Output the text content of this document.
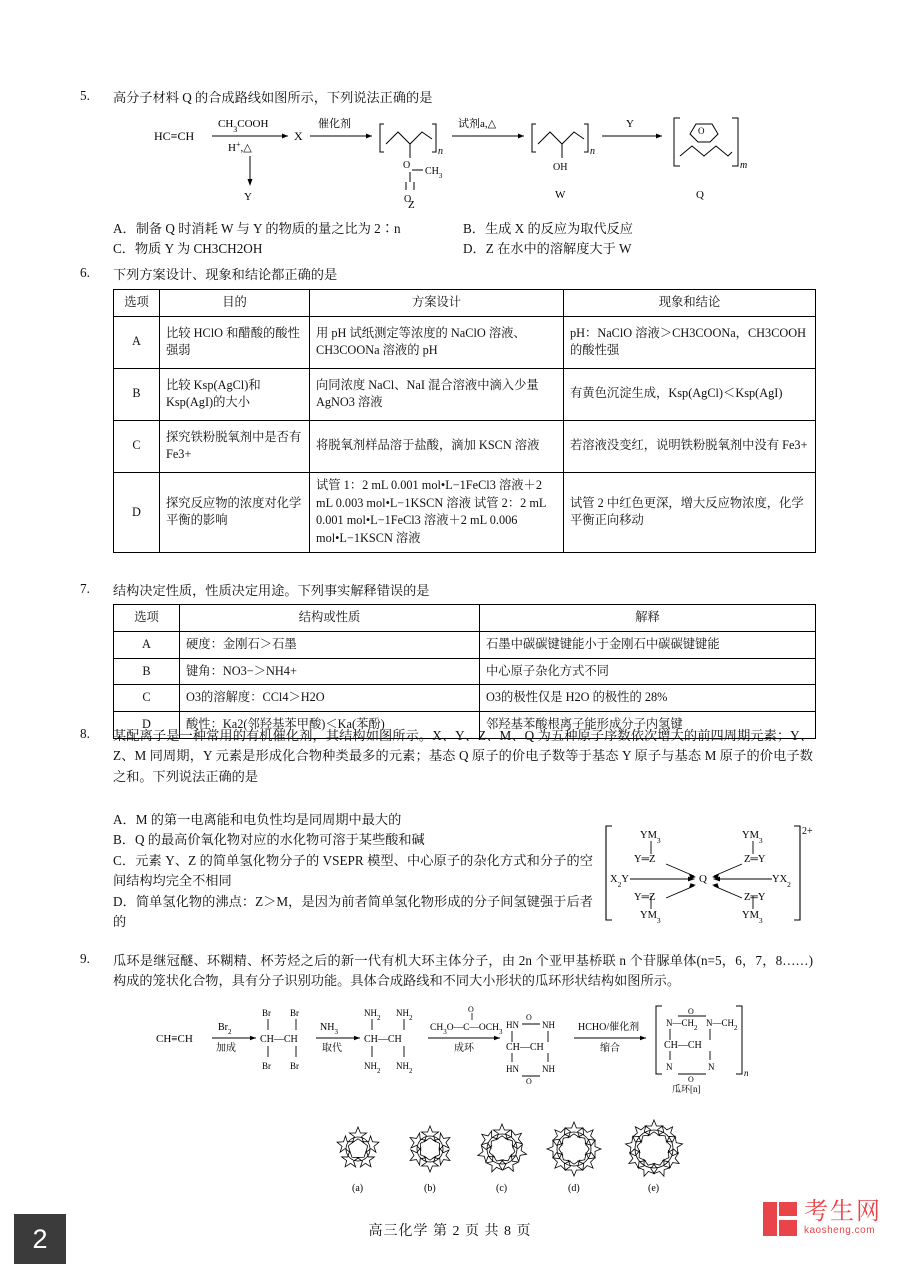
5. 高分子材料 Q 的合成路线如图所示，下列说法正确的是
HC≡CH
$CH_3COOH$
H+,△
Y
X
催化剂
n
O
$CH_3$
O
Z
试剂a,△
n
OH
W
Y
O
m
Q
A．制备 Q 时消耗 W 与 Y 的物质的量之比为 2∶n	B．生成 X 的反应为取代反应
C．物质 Y 为 CH3CH2OH	D．Z 在水中的溶解度大于 W
6. 下列方案设计、现象和结论都正确的是
选项	目的	方案设计	现象和结论
A	比较 HClO 和醋酸的酸性强弱	用 pH 试纸测定等浓度的 NaClO 溶液、CH3COONa 溶液的 pH	pH：NaClO 溶液＞CH3COONa，CH3COOH 的酸性强
B	比较 Ksp(AgCl)和 Ksp(AgI)的大小	向同浓度 NaCl、NaI 混合溶液中滴入少量 AgNO3 溶液	有黄色沉淀生成，Ksp(AgCl)＜Ksp(AgI)
C	探究铁粉脱氧剂中是否有 Fe3+	将脱氧剂样品溶于盐酸，滴加 KSCN 溶液	若溶液没变红，说明铁粉脱氧剂中没有 Fe3+
D	探究反应物的浓度对化学平衡的影响	试管 1：2 mL 0.001 mol•L−1FeCl3 溶液＋2 mL 0.003 mol•L−1KSCN 溶液 试管 2：2 mL 0.001 mol•L−1FeCl3 溶液＋2 mL 0.006 mol•L−1KSCN 溶液	试管 2 中红色更深，增大反应物浓度，化学平衡正向移动
7. 结构决定性质，性质决定用途。下列事实解释错误的是
选项	结构或性质	解释
A	硬度：金刚石＞石墨	石墨中碳碳键键能小于金刚石中碳碳键键能
B	键角：NO3−＞NH4+	中心原子杂化方式不同
C	O3的溶解度：CCl4＞H2O	O3的极性仅是 H2O 的极性的 28%
D	酸性：Ka2(邻羟基苯甲酸)＜Ka(苯酚)	邻羟基苯酸根离子能形成分子内氢键
8. 某配离子是一种常用的有机催化剂，其结构如图所示。X、Y、Z、M、Q 为五种原子序数依次增大的前四周期元素；Y、Z、M 同周期，Y 元素是形成化合物种类最多的元素；基态 Q 原子的价电子数等于基态 Y 原子与基态 M 原子的价电子数之和。下列说法正确的是
A．M 的第一电离能和电负性均是同周期中最大的
B．Q 的最高价氧化物对应的水化物可溶于某些酸和碱
C．元素 Y、Z 的简单氢化物分子的 VSEPR 模型、中心原子的杂化方式和分子的空间结构均完全不相同
D．简单氢化物的沸点：Z＞M，是因为前者简单氢化物形成的分子间氢键强于后者的
2+
$YM_3$	$YM_3$
$YM_3$	$YM_3$
Y═Z	Z═Y
Y═Z	Z═Y
Q
$X_2Y$	$YX_2$
9. 瓜环是继冠醚、环糊精、杯芳烃之后的新一代有机大环主体分子，由 2n 个亚甲基桥联 n 个苷脲单体(n=5，6，7，8……)构成的笼状化合物，具有分子识别功能。具体合成路线和不同大小形状的瓜环形状结构如图所示。
CH≡CH
$Br_2$
加成
Br Br
CH—CH
Br Br
$NH_3$
取代
$NH_2$ $NH_2$
CH—CH
$NH_2$ $NH_2$
$CH_3O—C—OCH_3$
O
成环
HN	NH
O
CH—CH
HN	NH
O
HCHO/催化剂
缩合
n
$N—CH_2$ $N—CH_2$
O
CH—CH
N	N
O
瓜环[n]
(a)	(b)	(c)	(d)	(e)
高三化学 第 2 页 共 8 页
2
考生网
kaosheng.com
